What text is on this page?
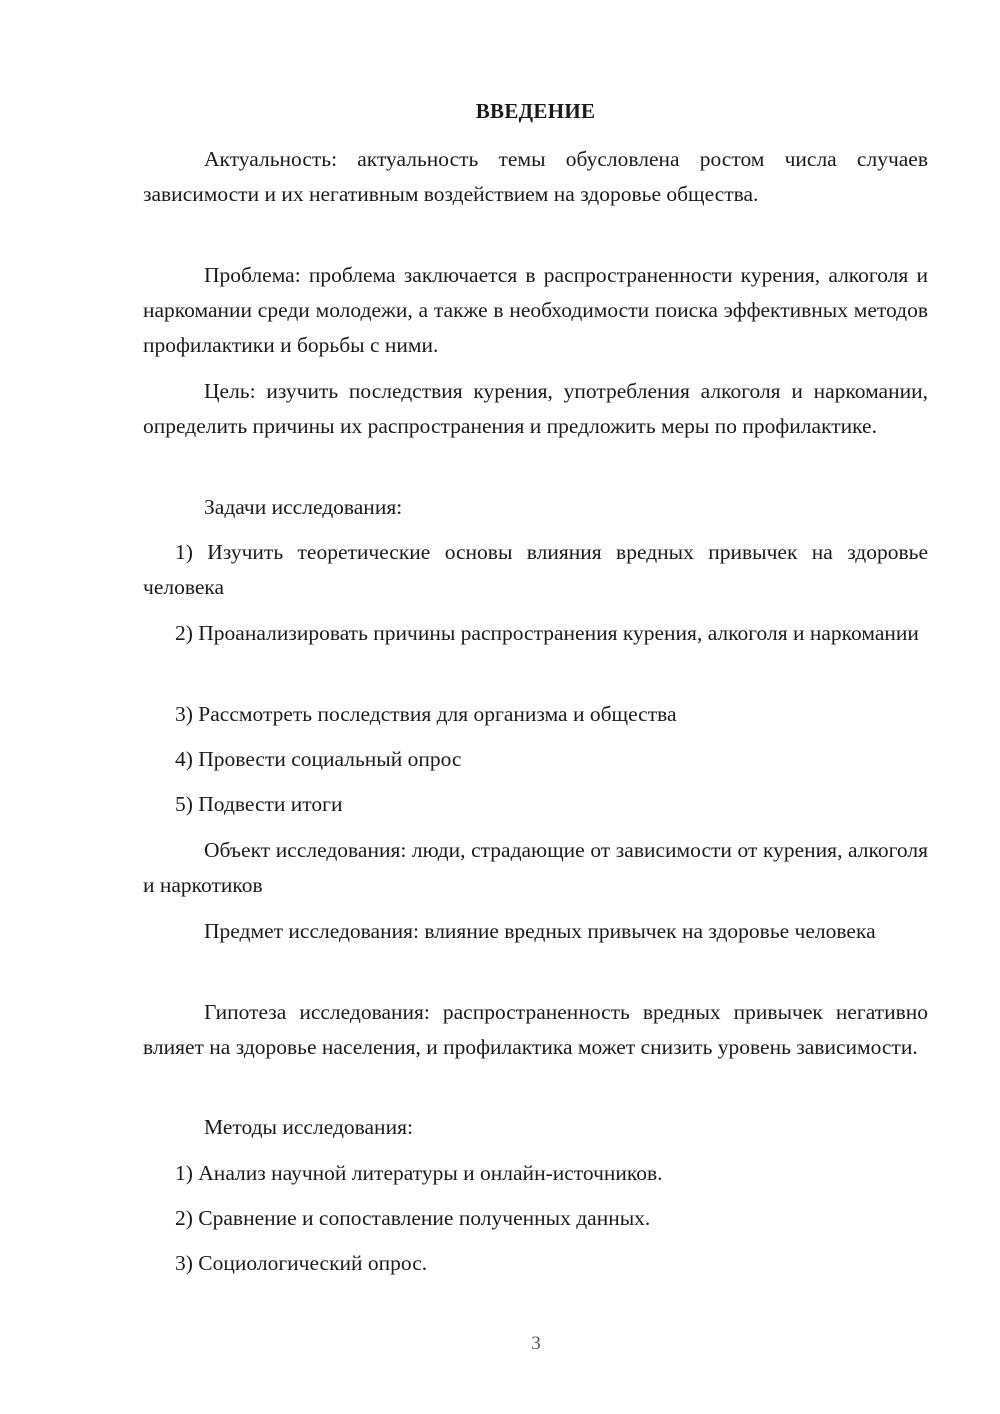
ВВЕДЕНИЕ

Актуальность: актуальность темы обусловлена ростом числа случаев зависимости и их негативным воздействием на здоровье общества.

Проблема: проблема заключается в распространенности курения, алкоголя и наркомании среди молодежи, а также в необходимости поиска эффективных методов профилактики и борьбы с ними.

Цель: изучить последствия курения, употребления алкоголя и наркомании, определить причины их распространения и предложить меры по профилактике.

Задачи исследования:

1) Изучить теоретические основы влияния вредных привычек на здоровье человека

2) Проанализировать причины распространения курения, алкоголя и наркомании

3) Рассмотреть последствия для организма и общества

4) Провести социальный опрос

5) Подвести итоги

Объект исследования: люди, страдающие от зависимости от курения, алкоголя и наркотиков

Предмет исследования: влияние вредных привычек на здоровье человека

Гипотеза исследования: распространенность вредных привычек негативно влияет на здоровье населения, и профилактика может снизить уровень зависимости.

Методы исследования:

1) Анализ научной литературы и онлайн-источников.

2) Сравнение и сопоставление полученных данных.

3) Социологический опрос.

3
